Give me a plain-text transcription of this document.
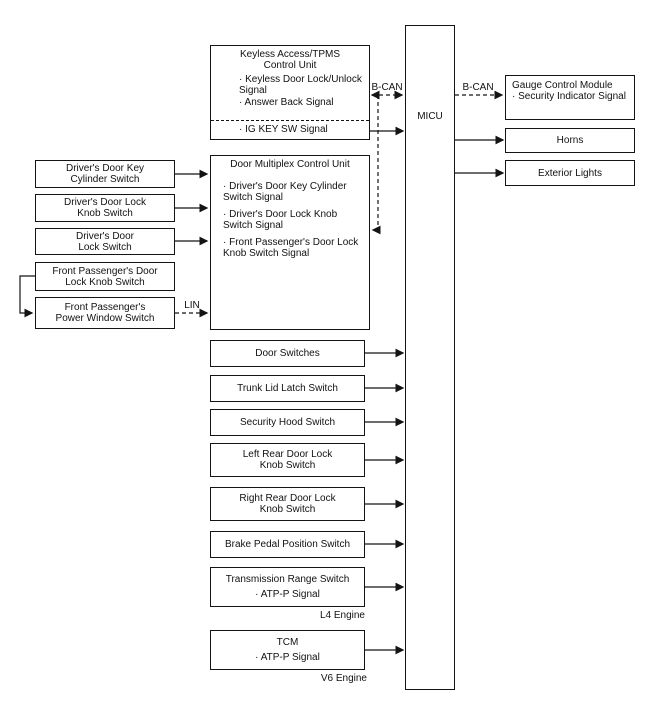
MICU
Keyless Access/TPMS Control Unit
· Keyless Door Lock/Unlock Signal
· Answer Back Signal
· IG KEY SW Signal
Door Multiplex Control Unit
· Driver's Door Key Cylinder Switch Signal
· Driver's Door Lock Knob Switch Signal
· Front Passenger's Door Lock Knob Switch Signal
Driver's Door Key Cylinder Switch
Driver's Door Lock Knob Switch
Driver's Door Lock Switch
Front Passenger's Door Lock Knob Switch
Front Passenger's Power Window Switch
Door Switches
Trunk Lid Latch Switch
Security Hood Switch
Left Rear Door Lock Knob Switch
Right Rear Door Lock Knob Switch
Brake Pedal Position Switch
Transmission Range Switch
· ATP-P Signal
TCM
· ATP-P Signal
L4 Engine
V6 Engine
Gauge Control Module
· Security Indicator Signal
Horns
Exterior Lights
B-CAN	B-CAN
LIN
